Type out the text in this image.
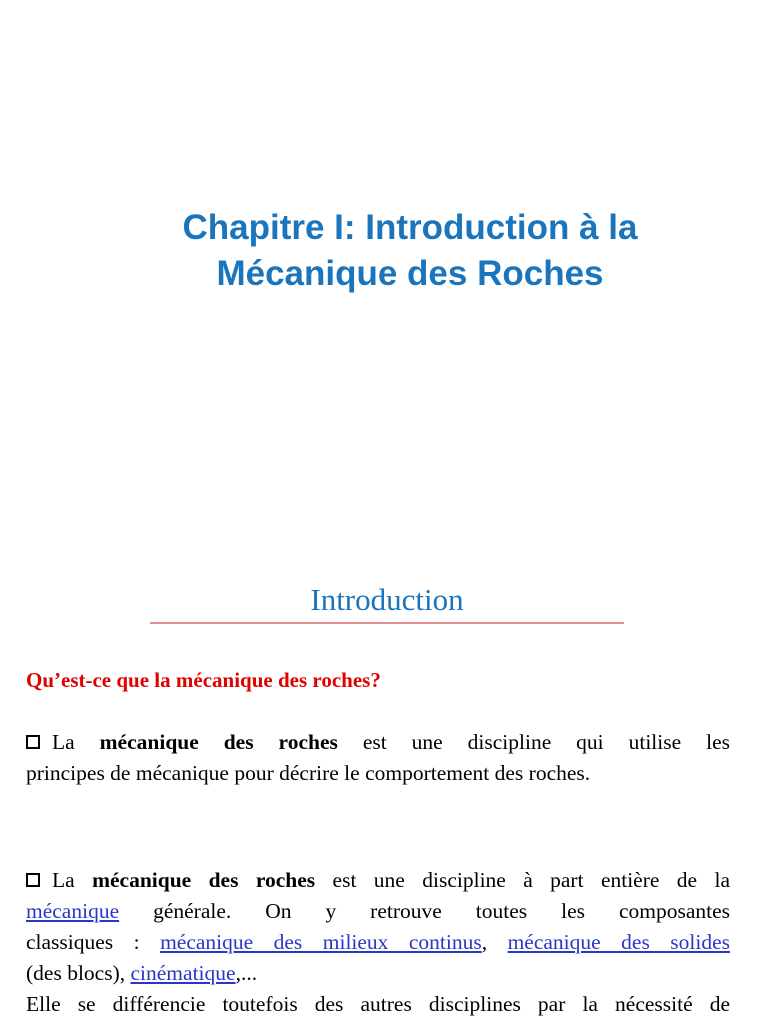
Chapitre I: Introduction à la
Mécanique des Roches
Introduction
Qu’est-ce que la mécanique des roches?
La mécanique des roches est une discipline qui utilise les
principes de mécanique pour décrire le comportement des roches.
La mécanique des roches est une discipline à part entière de la
mécanique générale. On y retrouve toutes les composantes
classiques : mécanique des milieux continus, mécanique des solides
(des blocs), cinématique,...
Elle se différencie toutefois des autres disciplines par la nécessité de
